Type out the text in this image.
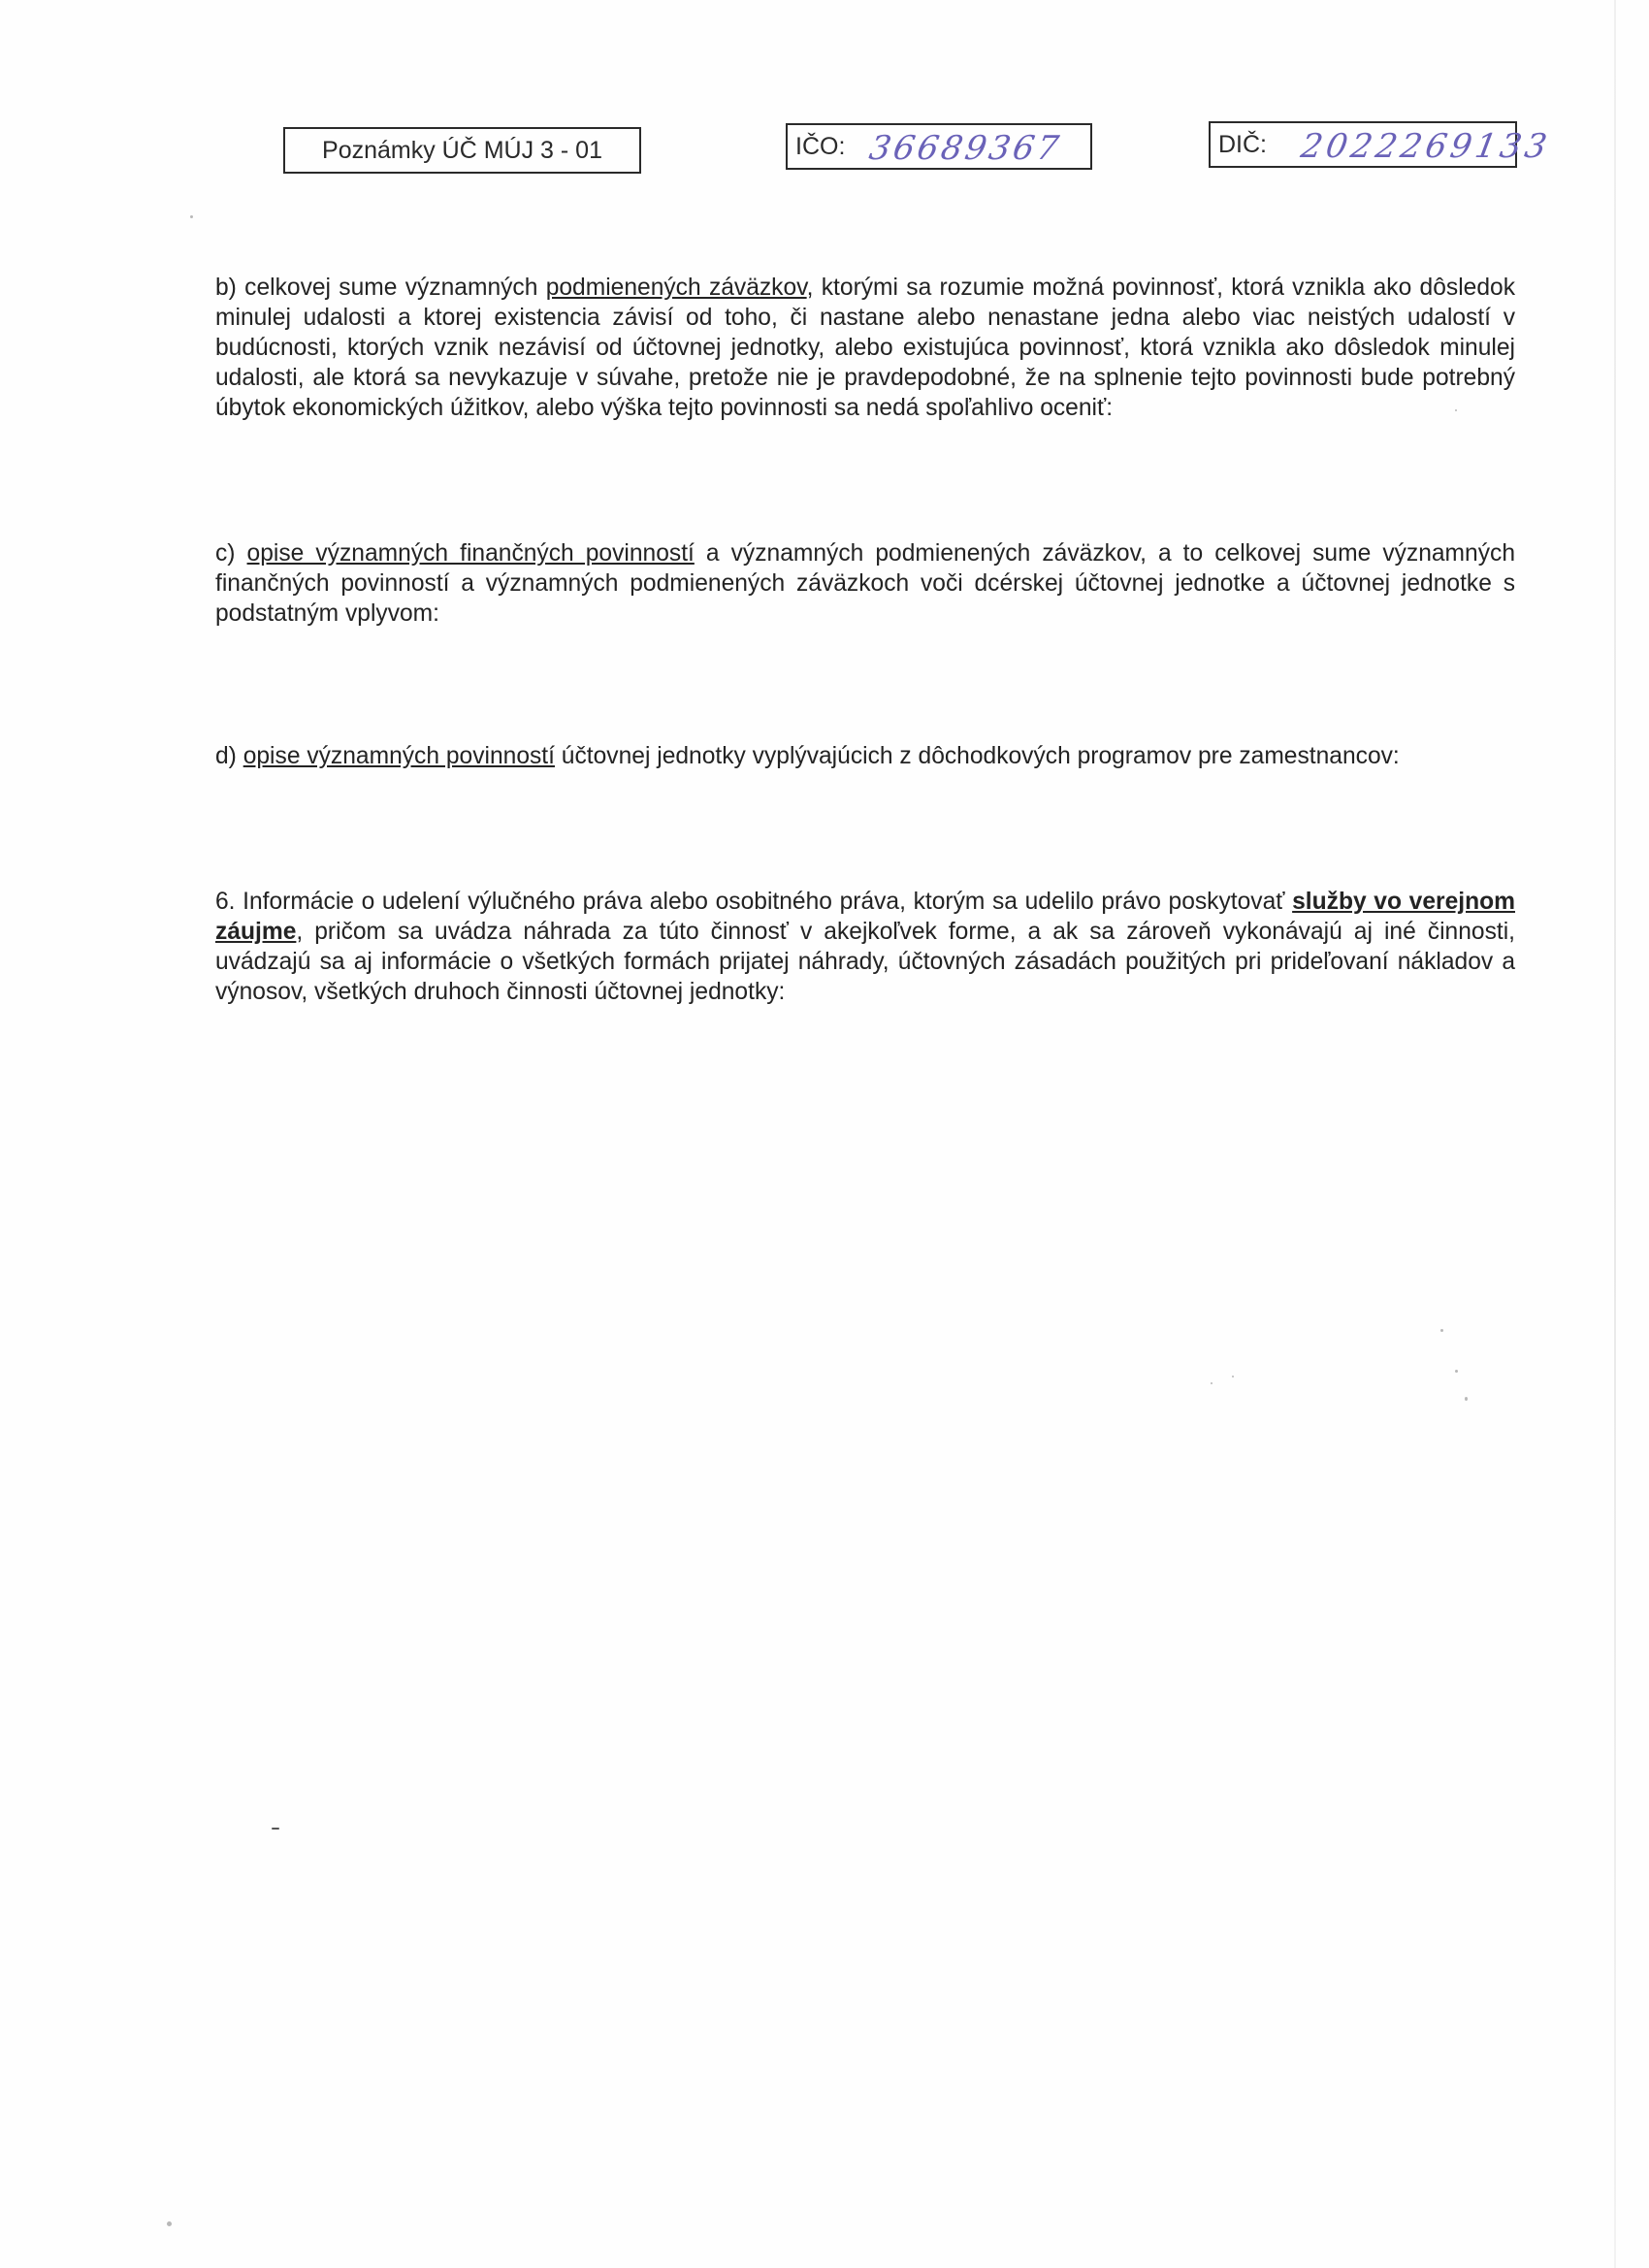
Poznámky ÚČ MÚJ 3 - 01	IČO: 36689367	DIČ: 2022269133
b) celkovej sume významných podmienených záväzkov, ktorými sa rozumie možná povinnosť, ktorá vznikla ako dôsledok minulej udalosti a ktorej existencia závisí od toho, či nastane alebo nenastane jedna alebo viac neistých udalostí v budúcnosti, ktorých vznik nezávisí od účtovnej jednotky, alebo existujúca povinnosť, ktorá vznikla ako dôsledok minulej udalosti, ale ktorá sa nevykazuje v súvahe, pretože nie je pravdepodobné, že na splnenie tejto povinnosti bude potrebný úbytok ekonomických úžitkov, alebo výška tejto povinnosti sa nedá spoľahlivo oceniť:
c) opise významných finančných povinností a významných podmienených záväzkov, a to celkovej sume významných finančných povinností a významných podmienených záväzkoch voči dcérskej účtovnej jednotke a účtovnej jednotke s podstatným vplyvom:
d) opise významných povinností účtovnej jednotky vyplývajúcich z dôchodkových programov pre zamestnancov:
6. Informácie o udelení výlučného práva alebo osobitného práva, ktorým sa udelilo právo poskytovať služby vo verejnom záujme, pričom sa uvádza náhrada za túto činnosť v akejkoľvek forme, a ak sa zároveň vykonávajú aj iné činnosti, uvádzajú sa aj informácie o všetkých formách prijatej náhrady, účtovných zásadách použitých pri prideľovaní nákladov a výnosov, všetkých druhoch činnosti účtovnej jednotky:
